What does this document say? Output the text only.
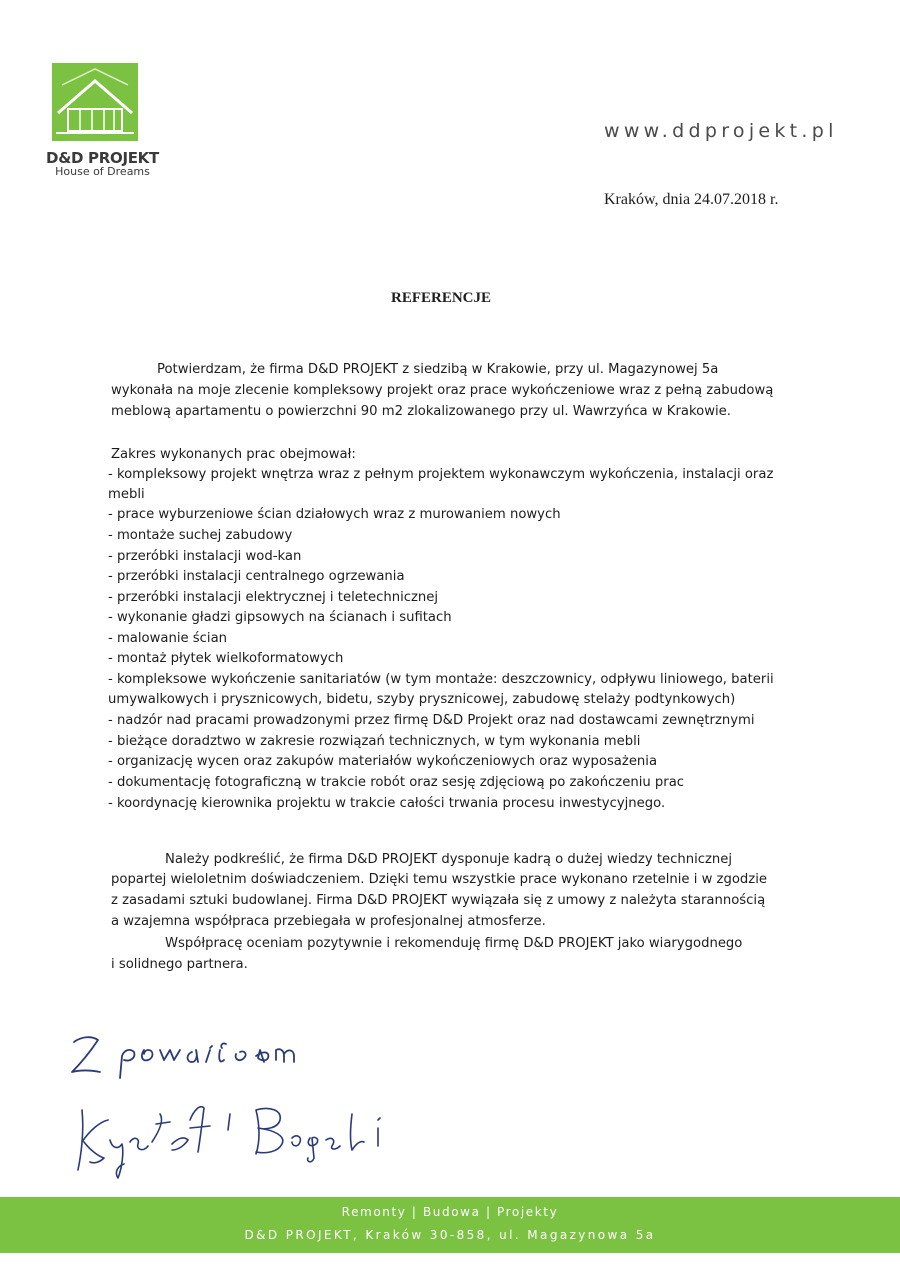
D&D PROJEKT
House of Dreams
www.ddprojekt.pl
Kraków, dnia 24.07.2018 r.
REFERENCJE
Potwierdzam, że firma D&D PROJEKT z siedzibą w Krakowie, przy ul. Magazynowej 5a
wykonała na moje zlecenie kompleksowy projekt oraz prace wykończeniowe wraz z pełną zabudową
meblową apartamentu o powierzchni 90 m2 zlokalizowanego przy ul. Wawrzyńca w Krakowie.
Zakres wykonanych prac obejmował:
- kompleksowy projekt wnętrza wraz z pełnym projektem wykonawczym wykończenia, instalacji oraz
mebli
- prace wyburzeniowe ścian działowych wraz z murowaniem nowych
- montaże suchej zabudowy
- przeróbki instalacji wod-kan
- przeróbki instalacji centralnego ogrzewania
- przeróbki instalacji elektrycznej i teletechnicznej
- wykonanie gładzi gipsowych na ścianach i sufitach
- malowanie ścian
- montaż płytek wielkoformatowych
- kompleksowe wykończenie sanitariatów (w tym montaże: deszczownicy, odpływu liniowego, baterii
umywalkowych i prysznicowych, bidetu, szyby prysznicowej, zabudowę stelaży podtynkowych)
- nadzór nad pracami prowadzonymi przez firmę D&D Projekt oraz nad dostawcami zewnętrznymi
- bieżące doradztwo w zakresie rozwiązań technicznych, w tym wykonania mebli
- organizację wycen oraz zakupów materiałów wykończeniowych oraz wyposażenia
- dokumentację fotograficzną w trakcie robót oraz sesję zdjęciową po zakończeniu prac
- koordynację kierownika projektu w trakcie całości trwania procesu inwestycyjnego.
Należy podkreślić, że firma D&D PROJEKT dysponuje kadrą o dużej wiedzy technicznej
popartej wieloletnim doświadczeniem. Dzięki temu wszystkie prace wykonano rzetelnie i w zgodzie
z zasadami sztuki budowlanej. Firma D&D PROJEKT wywiązała się z umowy z należyta starannością
a wzajemna współpraca przebiegała w profesjonalnej atmosferze.
Współpracę oceniam pozytywnie i rekomenduję firmę D&D PROJEKT jako wiarygodnego
i solidnego partnera.
Remonty | Budowa | Projekty
D&D PROJEKT, Kraków 30-858, ul. Magazynowa 5a
